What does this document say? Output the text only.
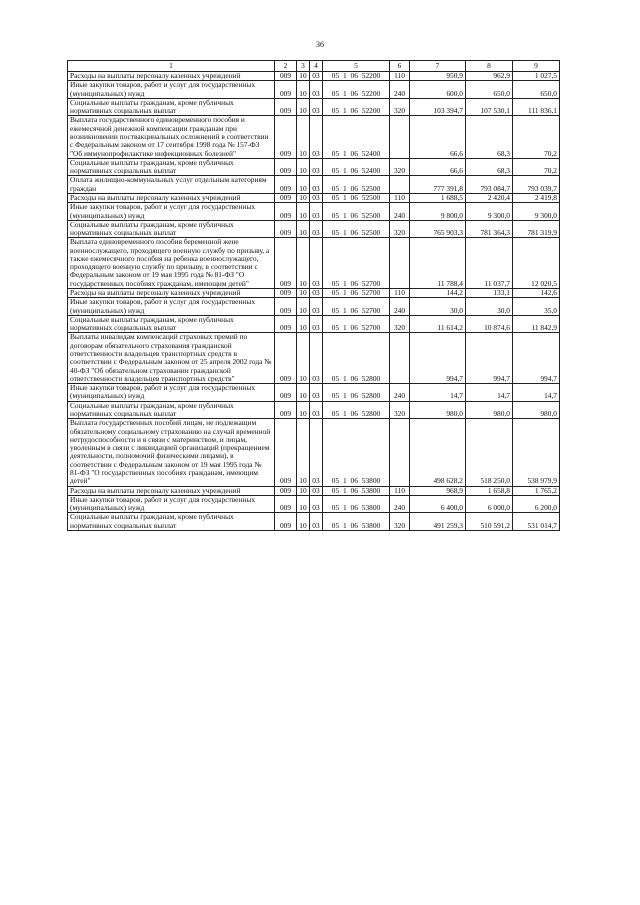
36
1	2	3	4	5	6	7	8	9
Расходы на выплаты персоналу казенных учреждений	009	10	03	05 1 06 52200	110	950,9	962,9	1 027,5
Иные закупки товаров, работ и услуг для государственных (муниципальных) нужд	009	10	03	05 1 06 52200	240	600,0	650,0	650,0
Социальные выплаты гражданам, кроме публичных нормативных социальных выплат	009	10	03	05 1 06 52200	320	103 394,7	107 530,1	111 836,1
Выплата государственного единовременного пособия и ежемесячной денежной компенсации гражданам при возникновении поствакцинальных осложнений в соответствии с Федеральным законом от 17 сентября 1998 года № 157-ФЗ "Об иммунопрофилактике инфекционных болезней"	009	10	03	05 1 06 52400		66,6	68,3	70,2
Социальные выплаты гражданам, кроме публичных нормативных социальных выплат	009	10	03	05 1 06 52400	320	66,6	68,3	70,2
Оплата жилищно-коммунальных услуг отдельным категориям граждан	009	10	03	05 1 06 52500		777 391,8	793 084,7	793 039,7
Расходы на выплаты персоналу казенных учреждений	009	10	03	05 1 06 52500	110	1 688,5	2 420,4	2 419,8
Иные закупки товаров, работ и услуг для государственных (муниципальных) нужд	009	10	03	05 1 06 52500	240	9 800,0	9 300,0	9 300,0
Социальные выплаты гражданам, кроме публичных нормативных социальных выплат	009	10	03	05 1 06 52500	320	765 903,3	781 364,3	781 319,9
Выплата единовременного пособия беременной жене военнослужащего, проходящего военную службу по призыву, а также ежемесячного пособия на ребенка военнослужащего, проходящего военную службу по призыву, в соответствии с Федеральным законом от 19 мая 1995 года № 81-ФЗ "О государственных пособиях гражданам, имеющим детей"	009	10	03	05 1 06 52700		11 788,4	11 037,7	12 020,5
Расходы на выплаты персоналу казенных учреждений	009	10	03	05 1 06 52700	110	144,2	133,1	142,6
Иные закупки товаров, работ и услуг для государственных (муниципальных) нужд	009	10	03	05 1 06 52700	240	30,0	30,0	35,0
Социальные выплаты гражданам, кроме публичных нормативных социальных выплат	009	10	03	05 1 06 52700	320	11 614,2	10 874,6	11 842,9
Выплаты инвалидам компенсаций страховых премий по договорам обязательного страхования гражданской ответственности владельцев транспортных средств в соответствии с Федеральным законом от 25 апреля 2002 года № 40-ФЗ "Об обязательном страховании гражданской ответственности владельцев транспортных средств"	009	10	03	05 1 06 52800		994,7	994,7	994,7
Иные закупки товаров, работ и услуг для государственных (муниципальных) нужд	009	10	03	05 1 06 52800	240	14,7	14,7	14,7
Социальные выплаты гражданам, кроме публичных нормативных социальных выплат	009	10	03	05 1 06 52800	320	980,0	980,0	980,0
Выплата государственных пособий лицам, не подлежащим обязательному социальному страхованию на случай временной нетрудоспособности и в связи с материнством, и лицам, уволенным в связи с ликвидацией организаций (прекращением деятельности, полномочий физическими лицами), в соответствии с Федеральным законом от 19 мая 1995 года № 81-ФЗ "О государственных пособиях гражданам, имеющим детей"	009	10	03	05 1 06 53800		498 628,2	518 250,0	538 979,9
Расходы на выплаты персоналу казенных учреждений	009	10	03	05 1 06 53800	110	968,9	1 658,8	1 765,2
Иные закупки товаров, работ и услуг для государственных (муниципальных) нужд	009	10	03	05 1 06 53800	240	6 400,0	6 000,0	6 200,0
Социальные выплаты гражданам, кроме публичных нормативных социальных выплат	009	10	03	05 1 06 53800	320	491 259,3	510 591,2	531 014,7
